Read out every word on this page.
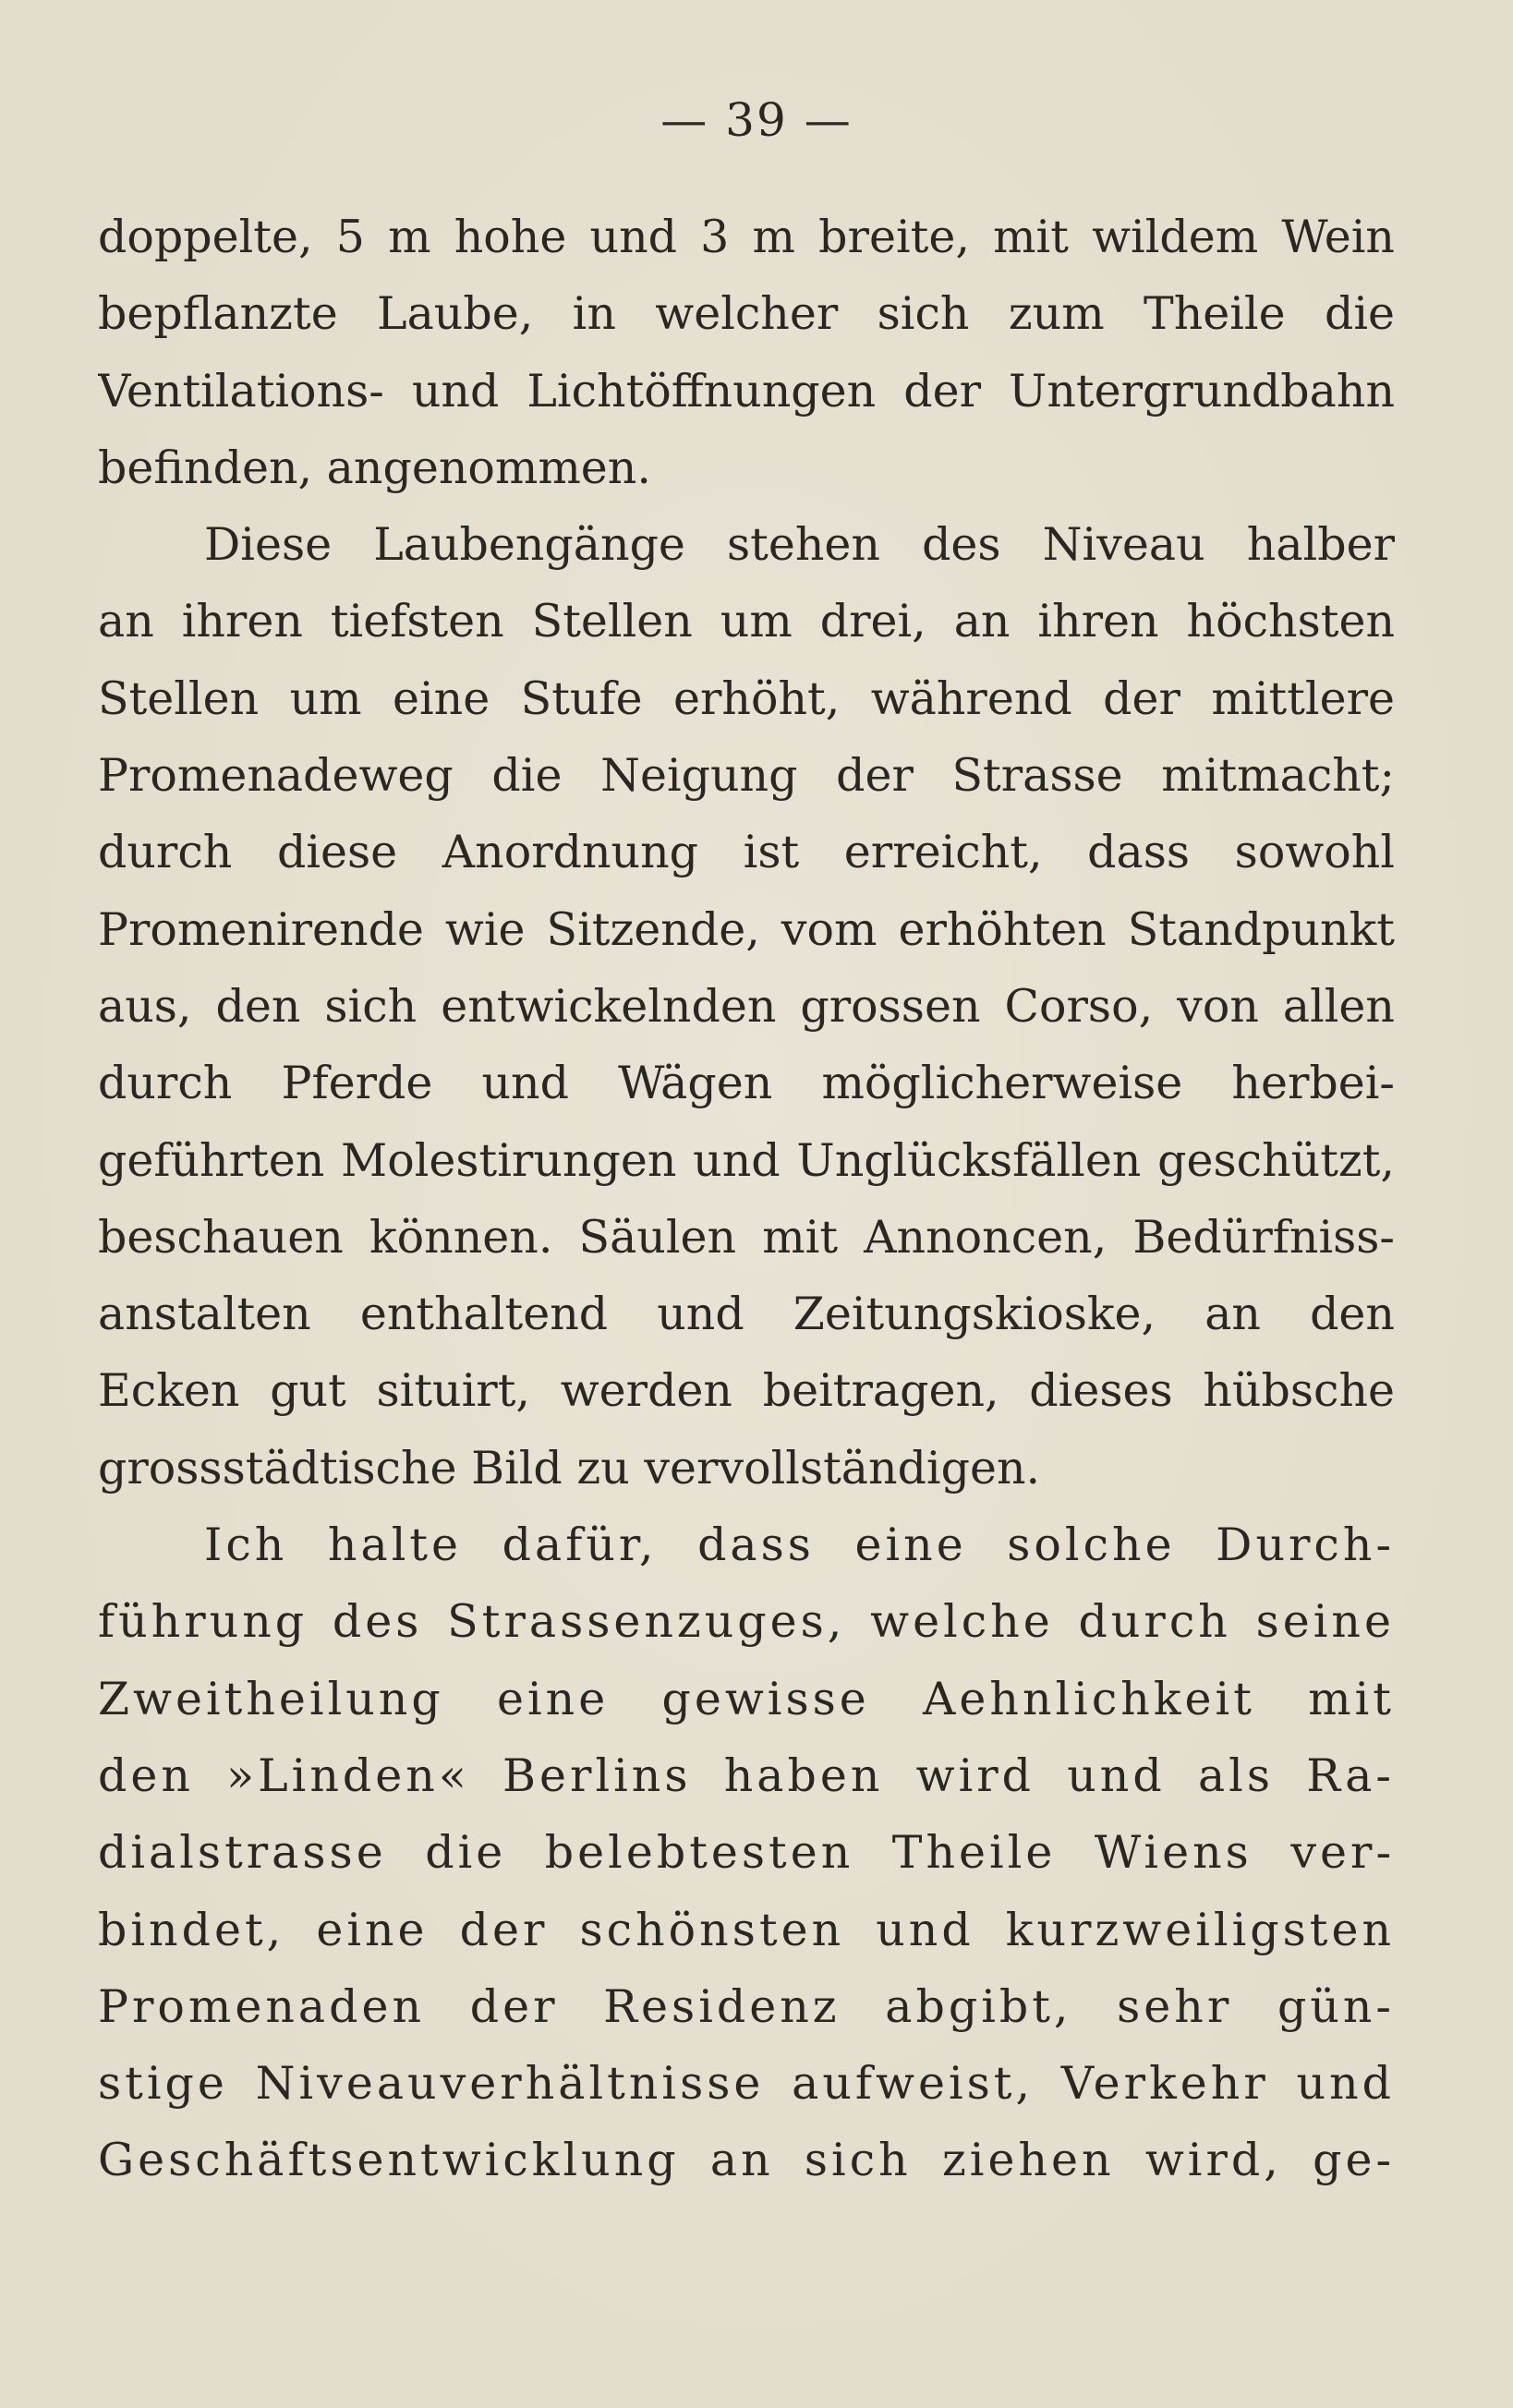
— 39 —
doppelte, 5 m hohe und 3 m breite, mit wildem Wein
bepflanzte Laube, in welcher sich zum Theile die
Ventilations- und Lichtöffnungen der Untergrundbahn
befinden, angenommen.
Diese Laubengänge stehen des Niveau halber
an ihren tiefsten Stellen um drei, an ihren höchsten
Stellen um eine Stufe erhöht, während der mittlere
Promenadeweg die Neigung der Strasse mitmacht;
durch diese Anordnung ist erreicht, dass sowohl
Promenirende wie Sitzende, vom erhöhten Standpunkt
aus, den sich entwickelnden grossen Corso, von allen
durch Pferde und Wägen möglicherweise herbei-
geführten Molestirungen und Unglücksfällen geschützt,
beschauen können. Säulen mit Annoncen, Bedürfniss-
anstalten enthaltend und Zeitungskioske, an den
Ecken gut situirt, werden beitragen, dieses hübsche
grossstädtische Bild zu vervollständigen.
Ich halte dafür, dass eine solche Durch-
führung des Strassenzuges, welche durch seine
Zweitheilung eine gewisse Aehnlichkeit mit
den »Linden« Berlins haben wird und als Ra-
dialstrasse die belebtesten Theile Wiens ver-
bindet, eine der schönsten und kurzweiligsten
Promenaden der Residenz abgibt, sehr gün-
stige Niveauverhältnisse aufweist, Verkehr und
Geschäftsentwicklung an sich ziehen wird, ge-
